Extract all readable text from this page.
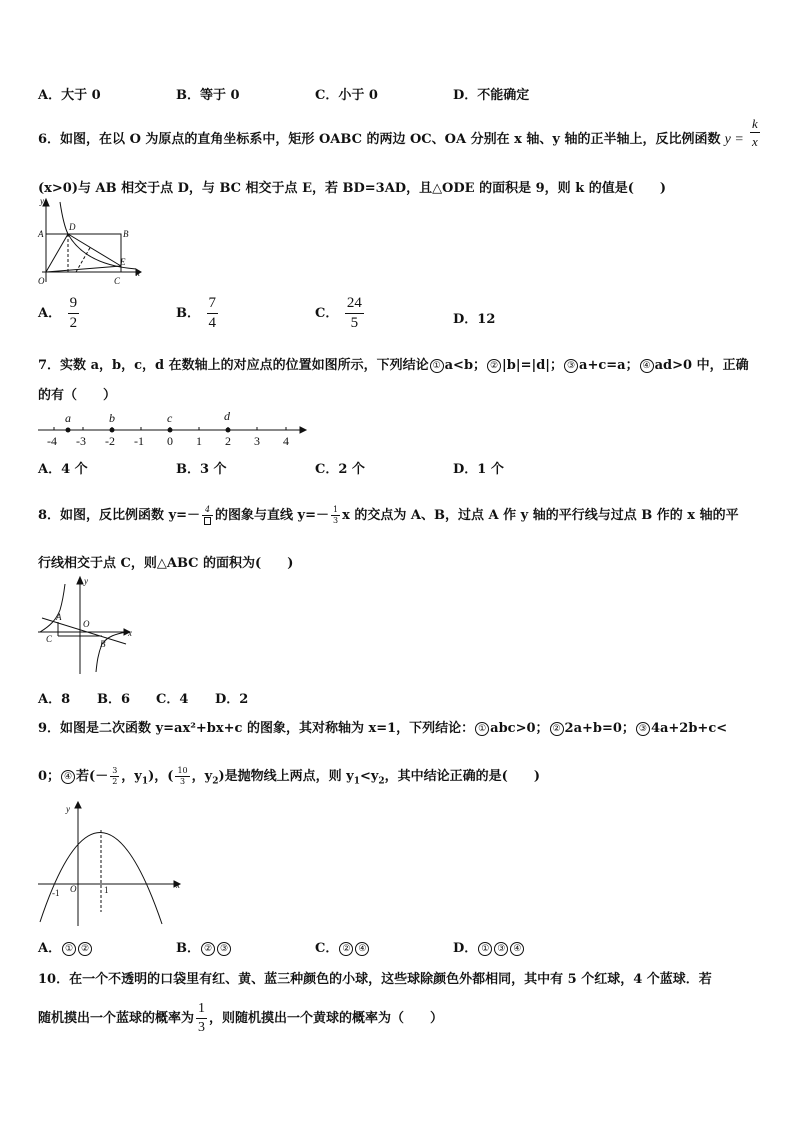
A．大于 0	B．等于 0	C．小于 0	D．不能确定
6．如图，在以 O 为原点的直角坐标系中，矩形 OABC 的两边 OC、OA 分别在 x 轴、y 轴的正半轴上，反比例函数 $y = \frac{k}{x}$
(x>0)与 AB 相交于点 D，与 BC 相交于点 E，若 BD=3AD，且△ODE 的面积是 9，则 k 的值是(　　)
y
A
D
B
O	C
E
x
A． $\frac{9}{2}$	B． $\frac{7}{4}$	C． $\frac{24}{5}$	D．12
7．实数 a，b，c，d 在数轴上的对应点的位置如图所示，下列结论 ① a<b； ② |b|=|d|； ③ a+c=a； ④ ad>0 中，正确
的有（　　）
a	b	c	d
-4 -3 -2 -1 0 1 2 3 4
A．4 个	B．3 个	C．2 个	D．1 个
8．如图，反比例函数 y=－ 4 的图象与直线 $y=- \frac{1}{3}$ x 的交点为 A、B，过点 A 作 y 轴的平行线与过点 B 作的 x 轴的平
行线相交于点 C，则△ABC 的面积为(　　)
y
A
O
x
C	B
A．8 B．6 C．4 D．2
9．如图是二次函数 y=ax²+bx+c 的图象，其对称轴为 x=1，下列结论： ① abc>0； ② 2a+b=0； ③ 4a+2b+c<
0； ④ 若(－ $\frac{3}{2}$ ，$y_1$)，( $\frac{10}{3}$ ，$y_2$)是抛物线上两点，则 $y_1<y_2$，其中结论正确的是(　　)
y
x
O
-1	1
A． ① ②	B． ② ③	C． ② ④	D． ① ③ ④
10．在一个不透明的口袋里有红、黄、蓝三种颜色的小球，这些球除颜色外都相同，其中有 5 个红球，4 个蓝球．若
随机摸出一个蓝球的概率为 $\frac{1}{3}$ ，则随机摸出一个黄球的概率为（　　）
